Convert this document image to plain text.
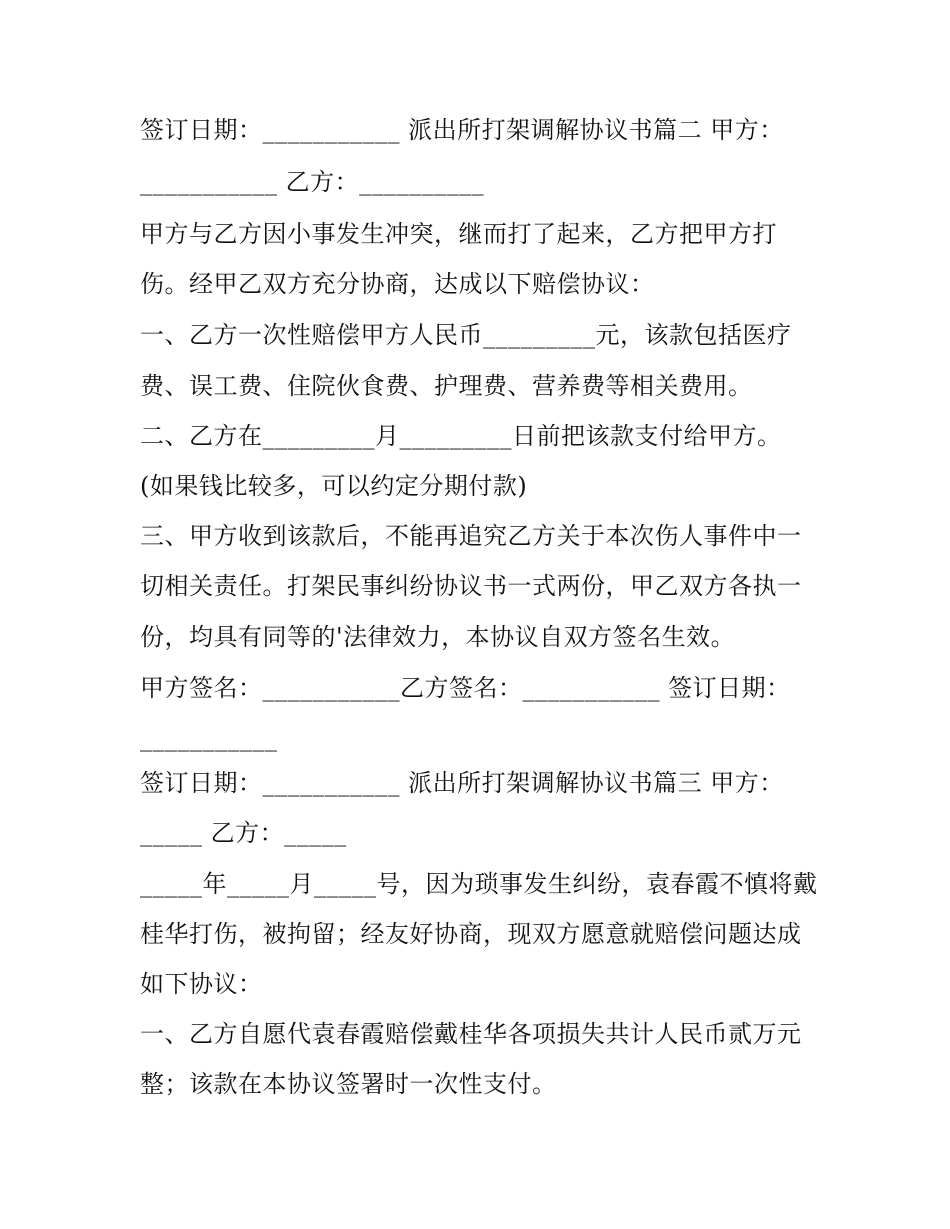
签订日期：___________ 派出所打架调解协议书篇二 甲方：
___________ 乙方：__________
甲方与乙方因小事发生冲突，继而打了起来，乙方把甲方打
伤。经甲乙双方充分协商，达成以下赔偿协议：
一、乙方一次性赔偿甲方人民币_________元，该款包括医疗
费、误工费、住院伙食费、护理费、营养费等相关费用。
二、乙方在_________月_________日前把该款支付给甲方。
(如果钱比较多，可以约定分期付款)
三、甲方收到该款后，不能再追究乙方关于本次伤人事件中一
切相关责任。打架民事纠纷协议书一式两份，甲乙双方各执一
份，均具有同等的'法律效力，本协议自双方签名生效。
甲方签名：___________乙方签名：___________ 签订日期：
___________
签订日期：___________ 派出所打架调解协议书篇三 甲方：
_____ 乙方：_____
_____年_____月_____号，因为琐事发生纠纷，袁春霞不慎将戴
桂华打伤，被拘留；经友好协商，现双方愿意就赔偿问题达成
如下协议：
一、乙方自愿代袁春霞赔偿戴桂华各项损失共计人民币贰万元
整；该款在本协议签署时一次性支付。
